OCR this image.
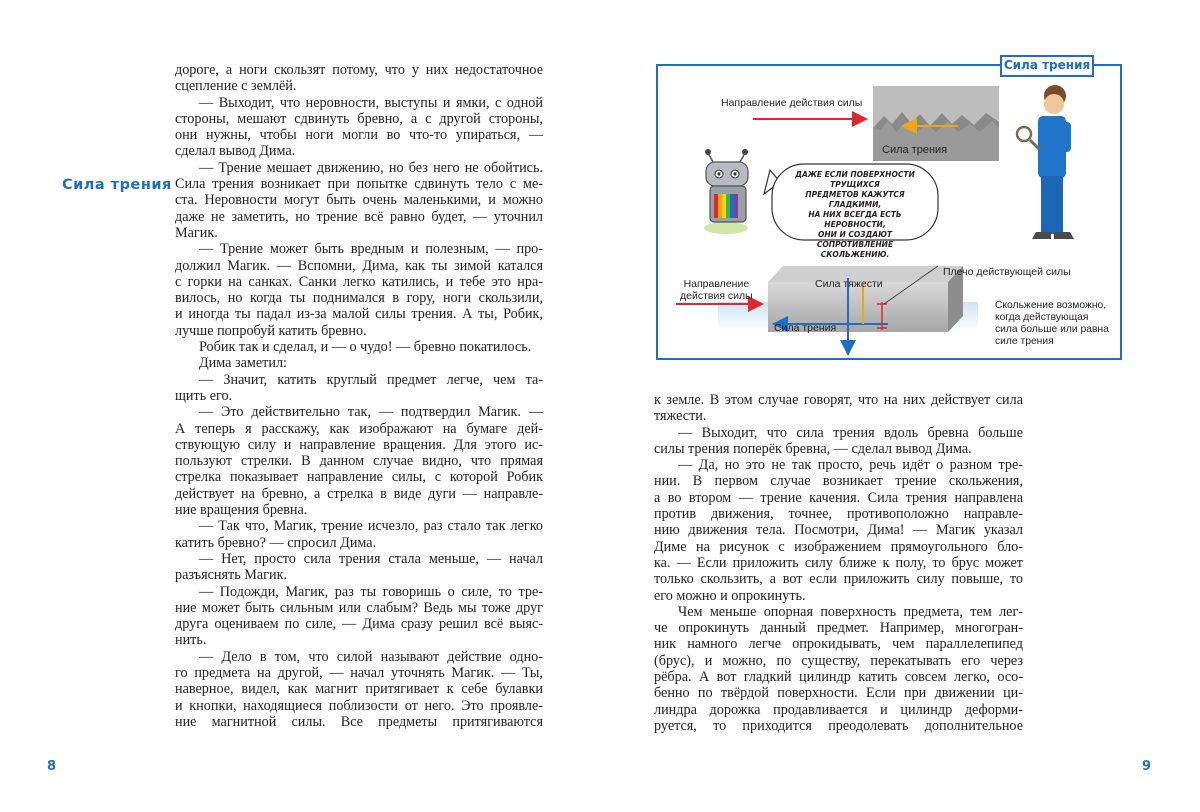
Сила трения

дороге, а ноги скользят потому, что у них недостаточное

сцепление с землёй.

— Выходит, что неровности, выступы и ямки, с одной

стороны, мешают сдвинуть бревно, а с другой стороны,

они нужны, чтобы ноги могли во что-то упираться, —

сделал вывод Дима.

— Трение мешает движению, но без него не обойтись.

Сила трения возникает при попытке сдвинуть тело с ме-

ста. Неровности могут быть очень маленькими, и можно

даже не заметить, но трение всё равно будет, — уточнил

Магик.

— Трение может быть вредным и полезным, — про-

должил Магик. — Вспомни, Дима, как ты зимой катался

с горки на санках. Санки легко катились, и тебе это нра-

вилось, но когда ты поднимался в гору, ноги скользили,

и иногда ты падал из-за малой силы трения. А ты, Робик,

лучше попробуй катить бревно.

Робик так и сделал, и — о чудо! — бревно покатилось.

Дима заметил:

— Значит, катить круглый предмет легче, чем та-

щить его.

— Это действительно так, — подтвердил Магик. —

А теперь я расскажу, как изображают на бумаге дей-

ствующую силу и направление вращения. Для этого ис-

пользуют стрелки. В данном случае видно, что прямая

стрелка показывает направление силы, с которой Робик

действует на бревно, а стрелка в виде дуги — направле-

ние вращения бревна.

— Так что, Магик, трение исчезло, раз стало так легко

катить бревно? — спросил Дима.

— Нет, просто сила трения стала меньше, — начал

разъяснять Магик.

— Подожди, Магик, раз ты говоришь о силе, то тре-

ние может быть сильным или слабым? Ведь мы тоже друг

друга оцениваем по силе, — Дима сразу решил всё выяс-

нить.

— Дело в том, что силой называют действие одно-

го предмета на другой, — начал уточнять Магик. — Ты,

наверное, видел, как магнит притягивает к себе булавки

и кнопки, находящиеся поблизости от него. Это проявле-

ние магнитной силы. Все предметы притягиваются

8
Сила трения
Направление действия силы
Сила трения
ДАЖЕ ЕСЛИ ПОВЕРХНОСТИ ТРУЩИХСЯ
ПРЕДМЕТОВ КАЖУТСЯ ГЛАДКИМИ,
НА НИХ ВСЕГДА ЕСТЬ НЕРОВНОСТИ,
ОНИ И СОЗДАЮТ СОПРОТИВЛЕНИЕ
СКОЛЬЖЕНИЮ.
Направление
действия силы
Сила тяжести
Плечо действующей силы
Сила трения
Скольжение возможно,
когда действующая
сила больше или равна
силе трения

к земле. В этом случае говорят, что на них действует сила

тяжести.

— Выходит, что сила трения вдоль бревна больше

силы трения поперёк бревна, — сделал вывод Дима.

— Да, но это не так просто, речь идёт о разном тре-

нии. В первом случае возникает трение скольжения,

а во втором — трение качения. Сила трения направлена

против движения, точнее, противоположно направле-

нию движения тела. Посмотри, Дима! — Магик указал

Диме на рисунок с изображением прямоугольного бло-

ка. — Если приложить силу ближе к полу, то брус может

только скользить, а вот если приложить силу повыше, то

его можно и опрокинуть.

Чем меньше опорная поверхность предмета, тем лег-

че опрокинуть данный предмет. Например, многогран-

ник намного легче опрокидывать, чем параллелепипед

(брус), и можно, по существу, перекатывать его через

рёбра. А вот гладкий цилиндр катить совсем легко, осо-

бенно по твёрдой поверхности. Если при движении ци-

линдра дорожка продавливается и цилиндр деформи-

руется, то приходится преодолевать дополнительное

9
